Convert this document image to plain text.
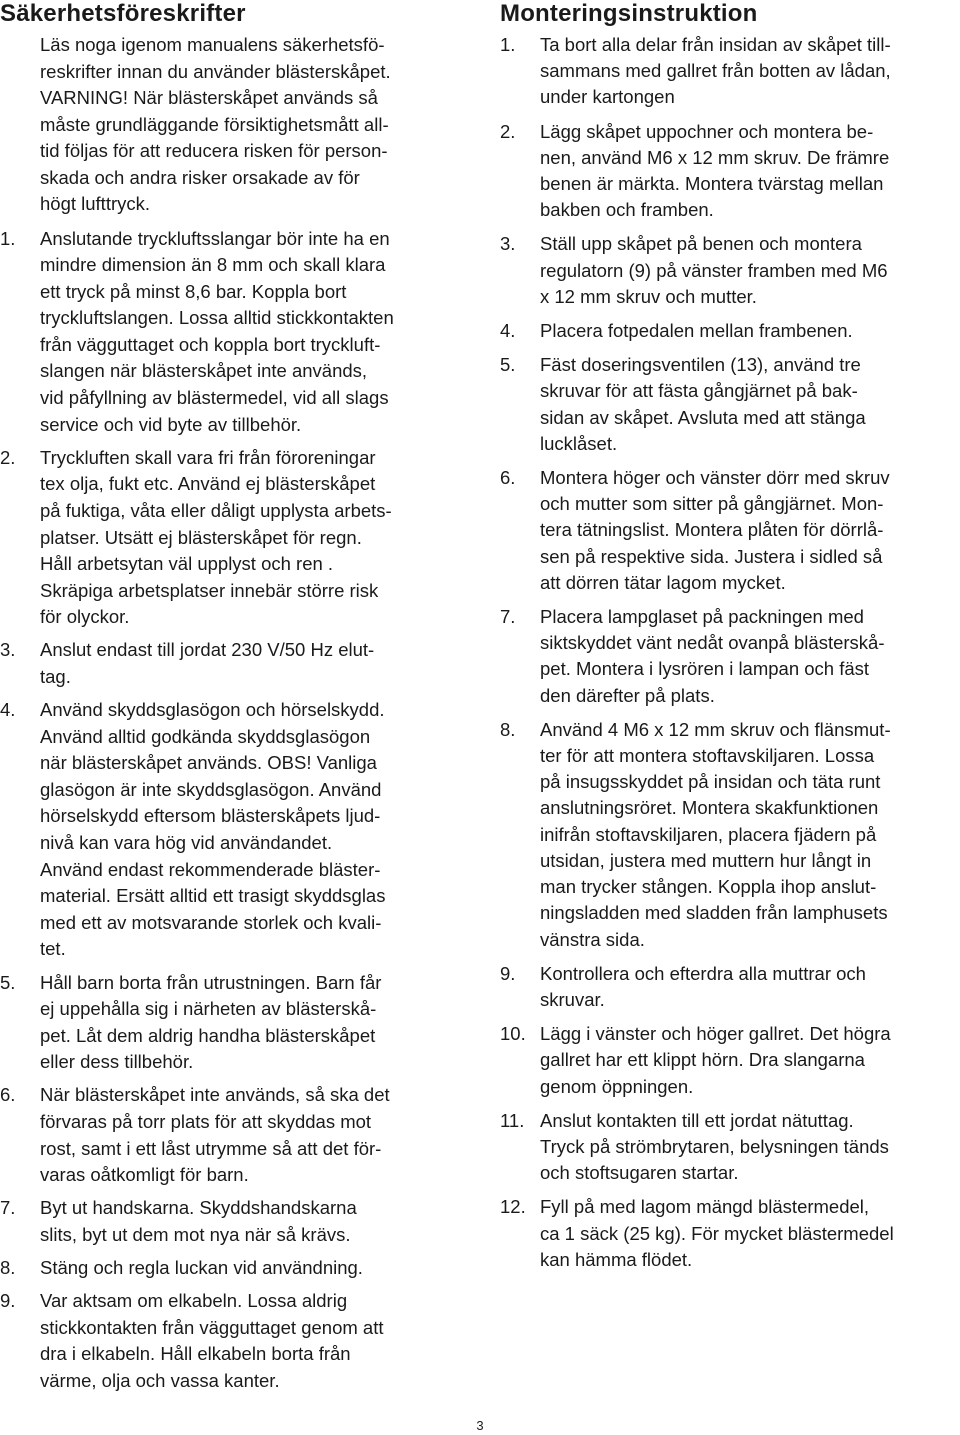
Säkerhetsföreskrifter
Läs noga igenom manualens säkerhetsfö-
reskrifter innan du använder blästerskåpet.
VARNING! När blästerskåpet används så
måste grundläggande försiktighetsmått all-
tid följas för att reducera risken för person-
skada och andra risker orsakade av för
högt lufttryck.
1. Anslutande tryckluftsslangar bör inte ha en
mindre dimension än 8 mm och skall klara
ett tryck på minst 8,6 bar. Koppla bort
tryckluftslangen. Lossa alltid stickkontakten
från vägguttaget och koppla bort tryckluft-
slangen när blästerskåpet inte används,
vid påfyllning av blästermedel, vid all slags
service och vid byte av tillbehör.
2. Tryckluften skall vara fri från föroreningar
tex olja, fukt etc. Använd ej blästerskåpet
på fuktiga, våta eller dåligt upplysta arbets-
platser. Utsätt ej blästerskåpet för regn.
Håll arbetsytan väl upplyst och ren .
Skräpiga arbetsplatser innebär större risk
för olyckor.
3. Anslut endast till jordat 230 V/50 Hz elut-
tag.
4. Använd skyddsglasögon och hörselskydd.
Använd alltid godkända skyddsglasögon
när blästerskåpet används. OBS! Vanliga
glasögon är inte skyddsglasögon. Använd
hörselskydd eftersom blästerskåpets ljud-
nivå kan vara hög vid användandet.
Använd endast rekommenderade bläster-
material. Ersätt alltid ett trasigt skyddsglas
med ett av motsvarande storlek och kvali-
tet.
5. Håll barn borta från utrustningen. Barn får
ej uppehålla sig i närheten av blästerskå-
pet. Låt dem aldrig handha blästerskåpet
eller dess tillbehör.
6. När blästerskåpet inte används, så ska det
förvaras på torr plats för att skyddas mot
rost, samt i ett låst utrymme så att det för-
varas oåtkomligt för barn.
7. Byt ut handskarna. Skyddshandskarna
slits, byt ut dem mot nya när så krävs.
8. Stäng och regla luckan vid användning.
9. Var aktsam om elkabeln. Lossa aldrig
stickkontakten från vägguttaget genom att
dra i elkabeln. Håll elkabeln borta från
värme, olja och vassa kanter.
Monteringsinstruktion
1. Ta bort alla delar från insidan av skåpet till-
sammans med gallret från botten av lådan,
under kartongen
2. Lägg skåpet uppochner och montera be-
nen, använd M6 x 12 mm skruv. De främre
benen är märkta. Montera tvärstag mellan
bakben och framben.
3. Ställ upp skåpet på benen och montera
regulatorn (9) på vänster framben med M6
x 12 mm skruv och mutter.
4. Placera fotpedalen mellan frambenen.
5. Fäst doseringsventilen (13), använd tre
skruvar för att fästa gångjärnet på bak-
sidan av skåpet. Avsluta med att stänga
lucklåset.
6. Montera höger och vänster dörr med skruv
och mutter som sitter på gångjärnet. Mon-
tera tätningslist. Montera plåten för dörrlå-
sen på respektive sida. Justera i sidled så
att dörren tätar lagom mycket.
7. Placera lampglaset på packningen med
siktskyddet vänt nedåt ovanpå blästerskå-
pet. Montera i lysrören i lampan och fäst
den därefter på plats.
8. Använd 4 M6 x 12 mm skruv och flänsmut-
ter för att montera stoftavskiljaren. Lossa
på insugsskyddet på insidan och täta runt
anslutningsröret. Montera skakfunktionen
inifrån stoftavskiljaren, placera fjädern på
utsidan, justera med muttern hur långt in
man trycker stången. Koppla ihop anslut-
ningsladden med sladden från lamphusets
vänstra sida.
9. Kontrollera och efterdra alla muttrar och
skruvar.
10. Lägg i vänster och höger gallret. Det högra
gallret har ett klippt hörn. Dra slangarna
genom öppningen.
11. Anslut kontakten till ett jordat nätuttag.
Tryck på strömbrytaren, belysningen tänds
och stoftsugaren startar.
12. Fyll på med lagom mängd blästermedel,
ca 1 säck (25 kg). För mycket blästermedel
kan hämma flödet.
3
